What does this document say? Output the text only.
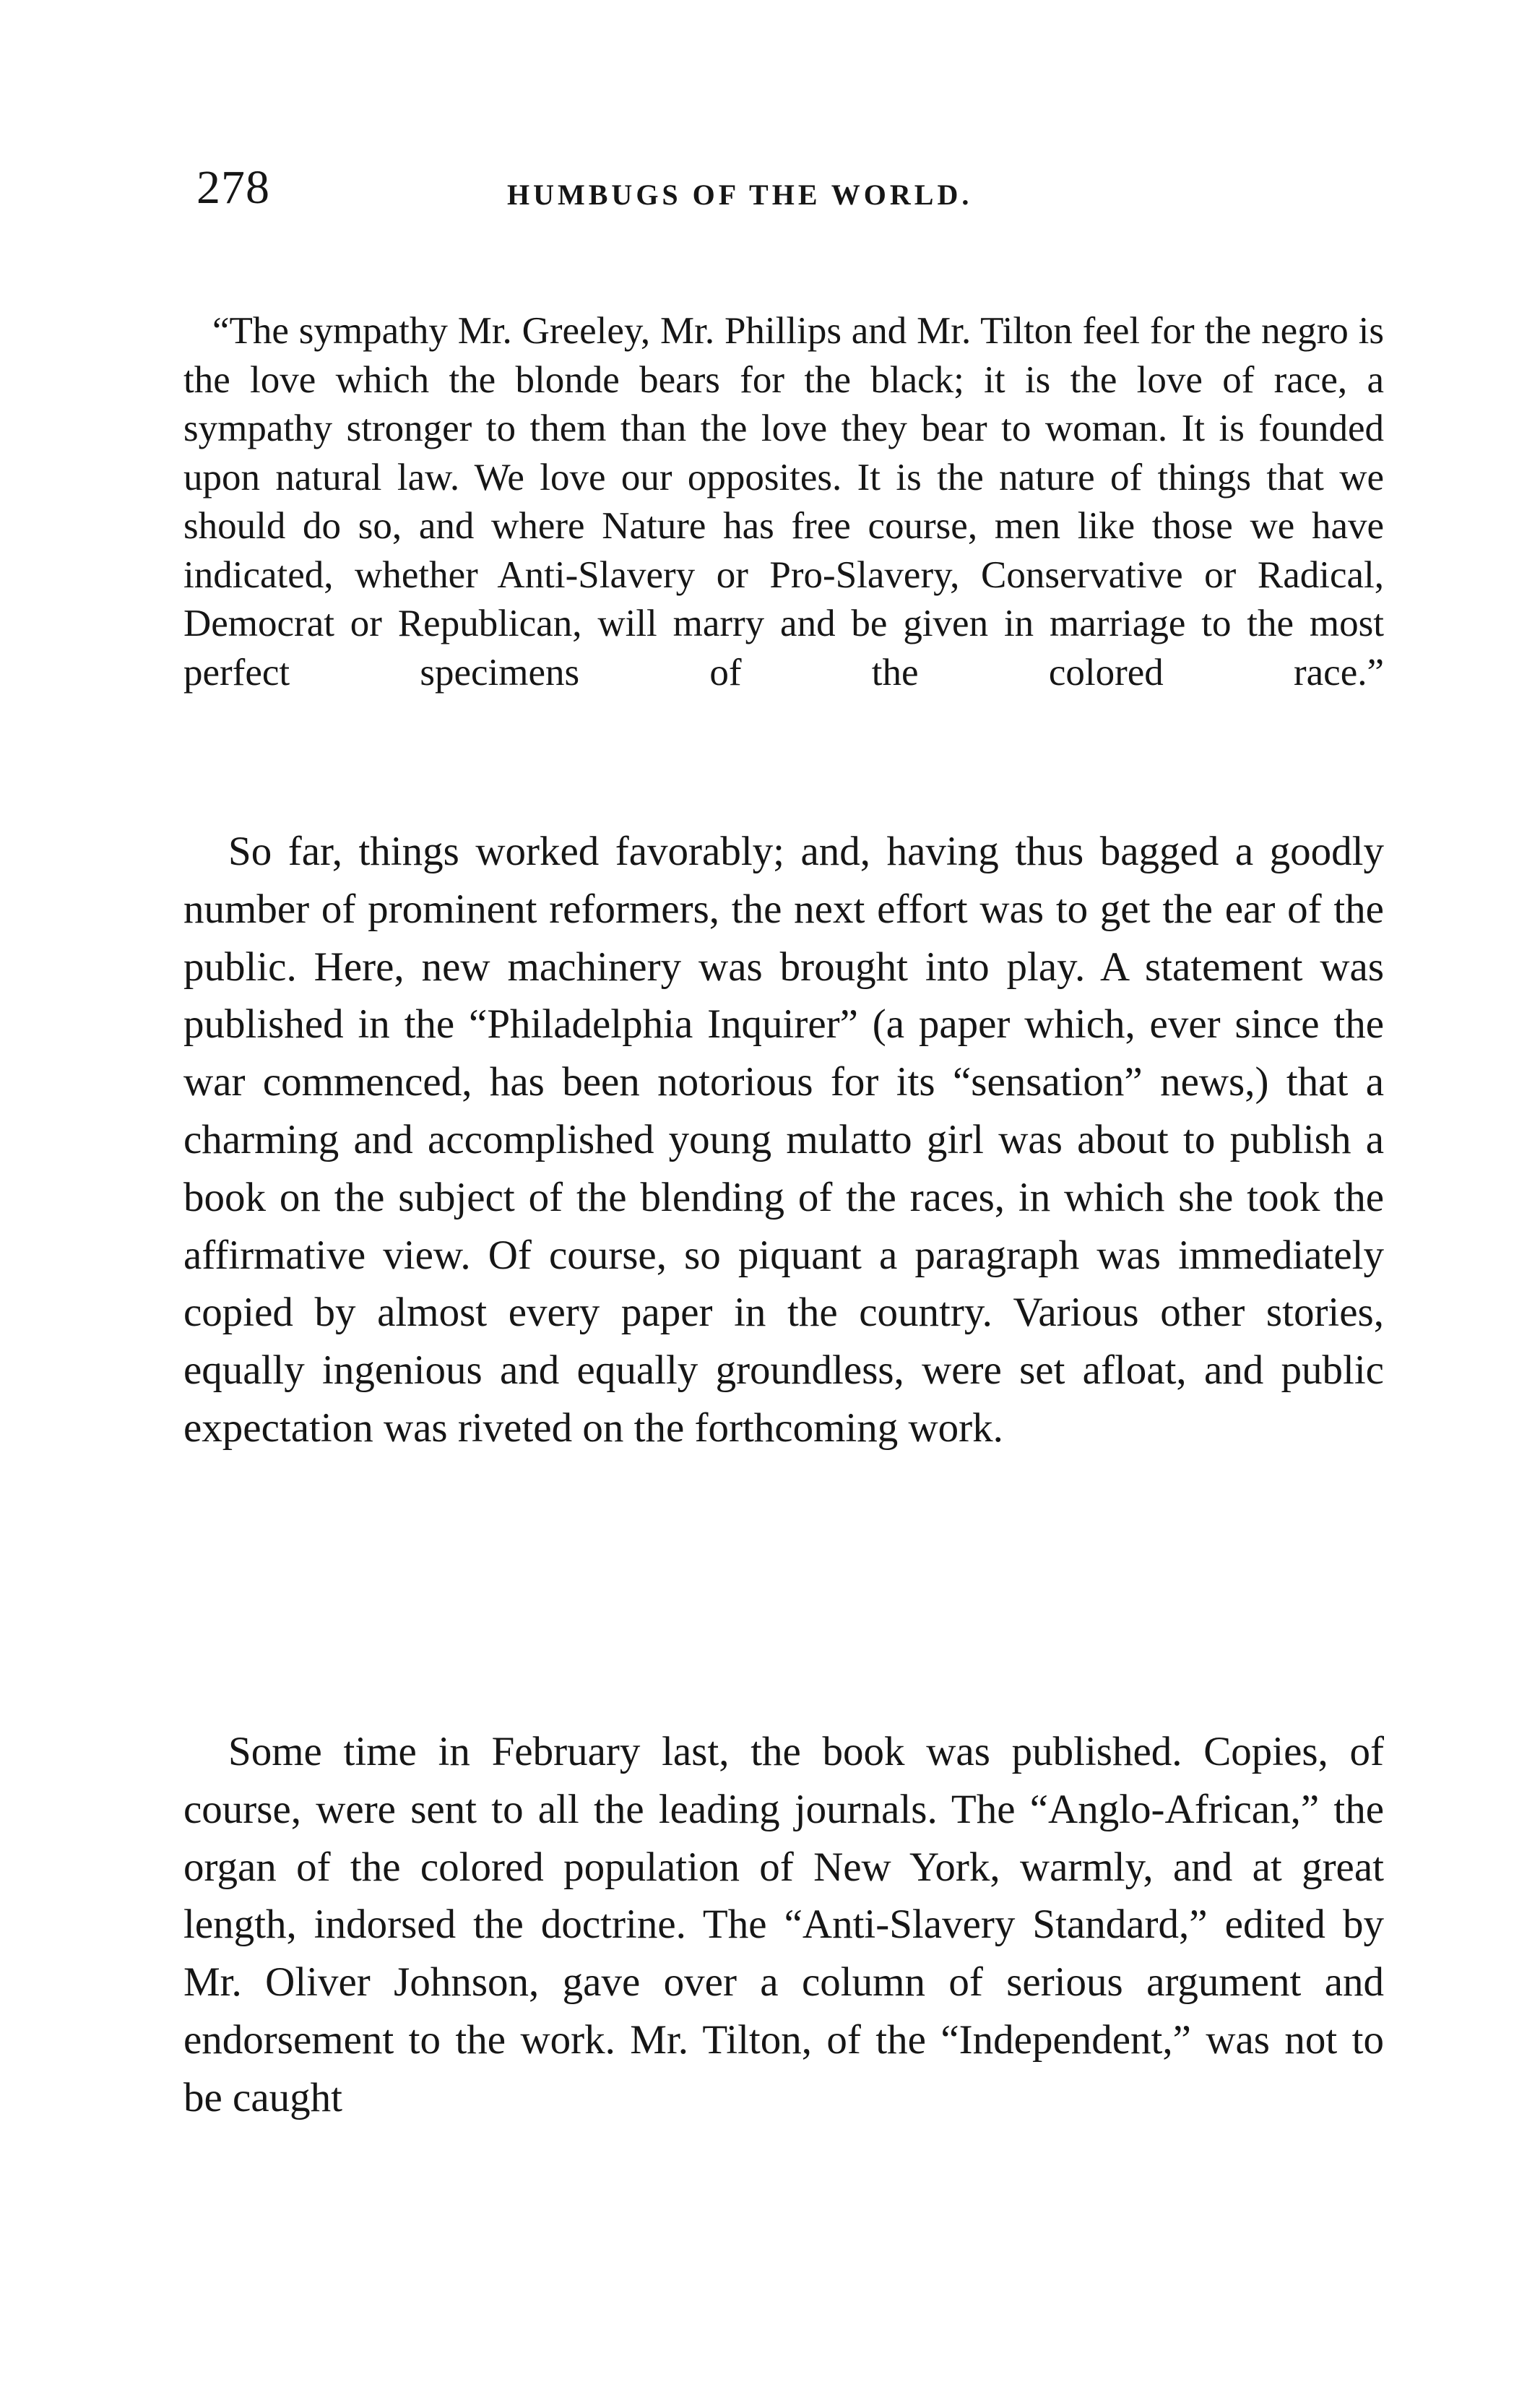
278	HUMBUGS OF THE WORLD.

“The sympathy Mr. Greeley, Mr. Phillips and Mr. Tilton feel for the negro is the love which the blonde bears for the black; it is the love of race, a sympathy stronger to them than the love they bear to woman. It is founded upon natural law. We love our opposites. It is the nature of things that we should do so, and where Nature has free course, men like those we have indicated, whether Anti-Slavery or Pro-Slavery, Conservative or Radical, Democrat or Republican, will marry and be given in marriage to the most perfect specimens of the colored race.”

So far, things worked favorably; and, having thus bagged a goodly number of prominent reformers, the next effort was to get the ear of the public. Here, new machinery was brought into play. A statement was published in the “Philadelphia Inquirer” (a paper which, ever since the war commenced, has been notorious for its “sensation” news,) that a charming and accomplished young mulatto girl was about to publish a book on the subject of the blending of the races, in which she took the affirmative view. Of course, so piquant a paragraph was immediately copied by almost every paper in the country. Various other stories, equally ingenious and equally groundless, were set afloat, and public expectation was riveted on the forthcoming work.

Some time in February last, the book was published. Copies, of course, were sent to all the leading journals. The “Anglo-African,” the organ of the colored population of New York, warmly, and at great length, indorsed the doctrine. The “Anti-Slavery Standard,” edited by Mr. Oliver Johnson, gave over a column of serious argument and endorsement to the work. Mr. Tilton, of the “Independent,” was not to be caught
